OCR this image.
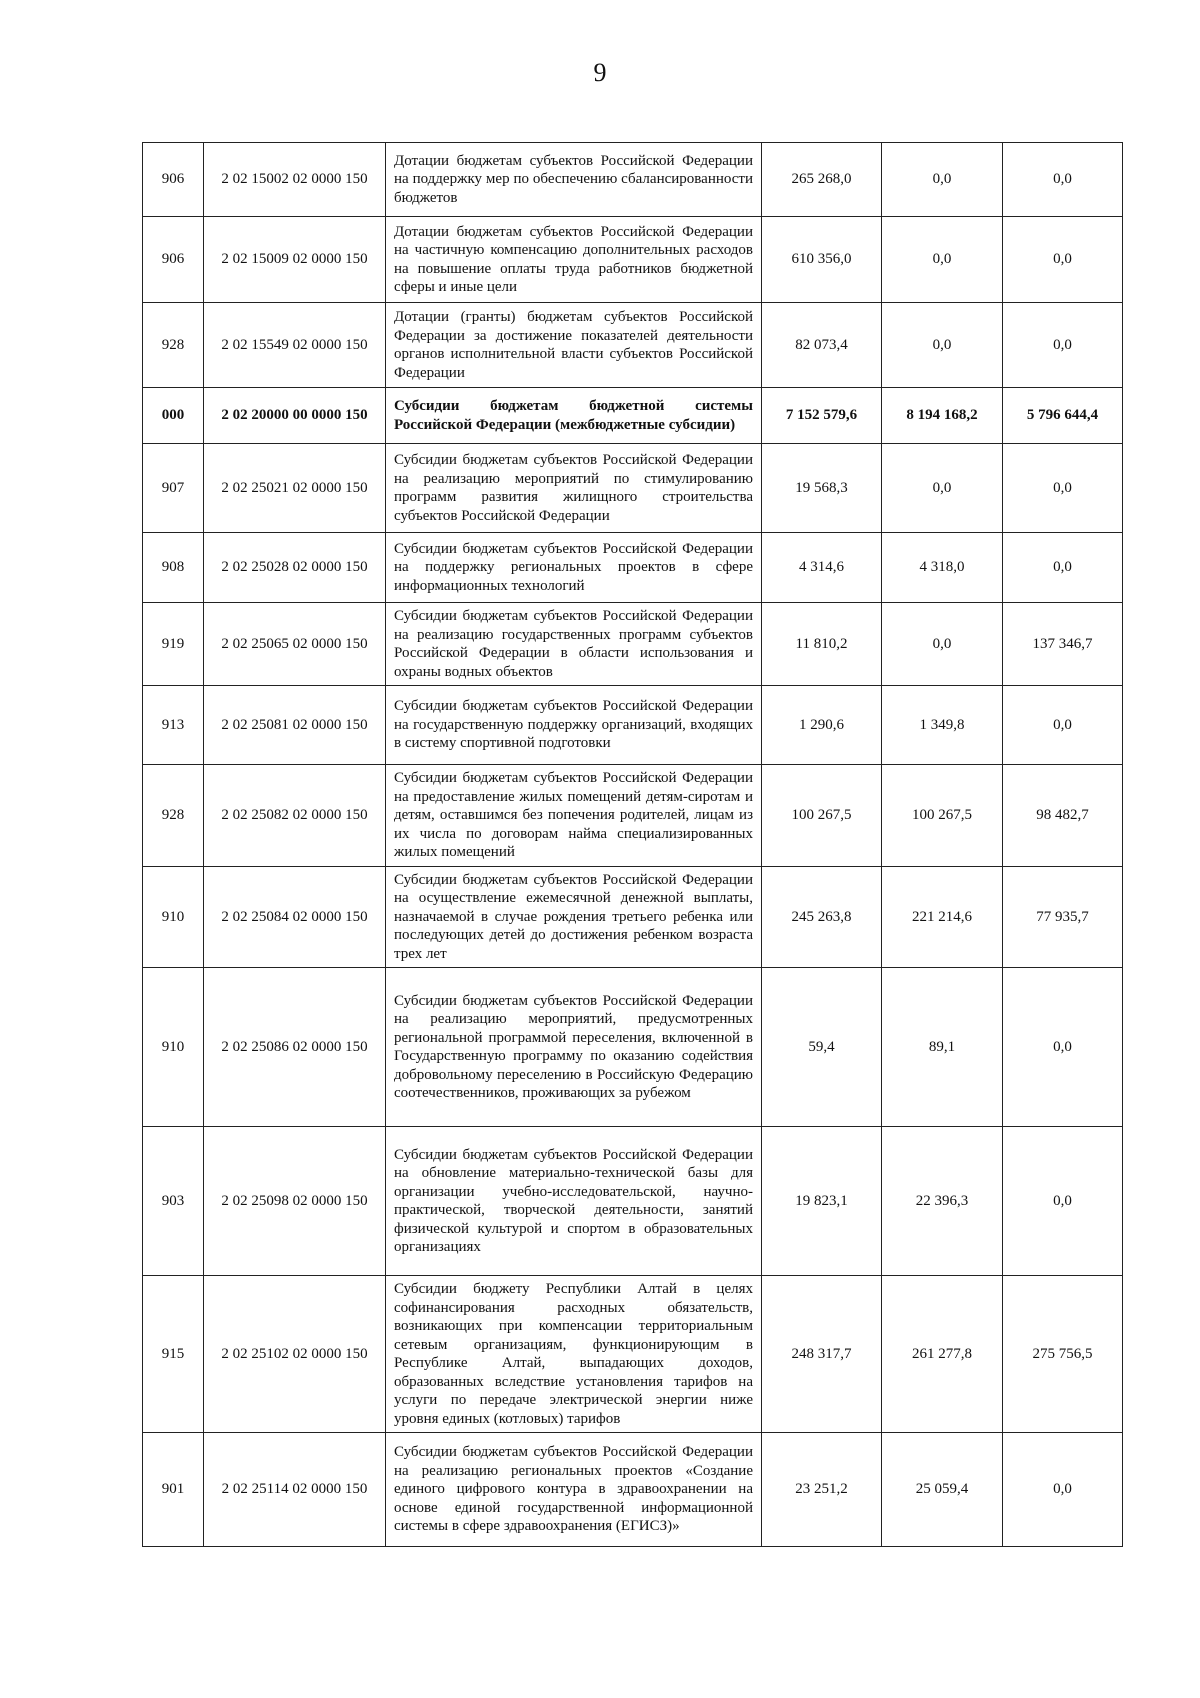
9
906	2 02 15002 02 0000 150	Дотации бюджетам субъектов Российской Федерации на поддержку мер по обеспечению сбалансированности бюджетов	265 268,0	0,0	0,0
906	2 02 15009 02 0000 150	Дотации бюджетам субъектов Российской Федерации на частичную компенсацию дополнительных расходов на повышение оплаты труда работников бюджетной сферы и иные цели	610 356,0	0,0	0,0
928	2 02 15549 02 0000 150	Дотации (гранты) бюджетам субъектов Российской Федерации за достижение показателей деятельности органов исполнительной власти субъектов Российской Федерации	82 073,4	0,0	0,0
000	2 02 20000 00 0000 150	Субсидии бюджетам бюджетной системы Российской Федерации (межбюджетные субсидии)	7 152 579,6	8 194 168,2	5 796 644,4
907	2 02 25021 02 0000 150	Субсидии бюджетам субъектов Российской Федерации на реализацию мероприятий по стимулированию программ развития жилищного строительства субъектов Российской Федерации	19 568,3	0,0	0,0
908	2 02 25028 02 0000 150	Субсидии бюджетам субъектов Российской Федерации на поддержку региональных проектов в сфере информационных технологий	4 314,6	4 318,0	0,0
919	2 02 25065 02 0000 150	Субсидии бюджетам субъектов Российской Федерации на реализацию государственных программ субъектов Российской Федерации в области использования и охраны водных объектов	11 810,2	0,0	137 346,7
913	2 02 25081 02 0000 150	Субсидии бюджетам субъектов Российской Федерации на государственную поддержку организаций, входящих в систему спортивной подготовки	1 290,6	1 349,8	0,0
928	2 02 25082 02 0000 150	Субсидии бюджетам субъектов Российской Федерации на предоставление жилых помещений детям-сиротам и детям, оставшимся без попечения родителей, лицам из их числа по договорам найма специализированных жилых помещений	100 267,5	100 267,5	98 482,7
910	2 02 25084 02 0000 150	Субсидии бюджетам субъектов Российской Федерации на осуществление ежемесячной денежной выплаты, назначаемой в случае рождения третьего ребенка или последующих детей до достижения ребенком возраста трех лет	245 263,8	221 214,6	77 935,7
910	2 02 25086 02 0000 150	Субсидии бюджетам субъектов Российской Федерации на реализацию мероприятий, предусмотренных региональной программой переселения, включенной в Государственную программу по оказанию содействия добровольному переселению в Российскую Федерацию соотечественников, проживающих за рубежом	59,4	89,1	0,0
903	2 02 25098 02 0000 150	Субсидии бюджетам субъектов Российской Федерации на обновление материально-технической базы для организации учебно-исследовательской, научно-практической, творческой деятельности, занятий физической культурой и спортом в образовательных организациях	19 823,1	22 396,3	0,0
915	2 02 25102 02 0000 150	Субсидии бюджету Республики Алтай в целях софинансирования расходных обязательств, возникающих при компенсации территориальным сетевым организациям, функционирующим в Республике Алтай, выпадающих доходов, образованных вследствие установления тарифов на услуги по передаче электрической энергии ниже уровня единых (котловых) тарифов	248 317,7	261 277,8	275 756,5
901	2 02 25114 02 0000 150	Субсидии бюджетам субъектов Российской Федерации на реализацию региональных проектов «Создание единого цифрового контура в здравоохранении на основе единой государственной информационной системы в сфере здравоохранения (ЕГИСЗ)»	23 251,2	25 059,4	0,0
